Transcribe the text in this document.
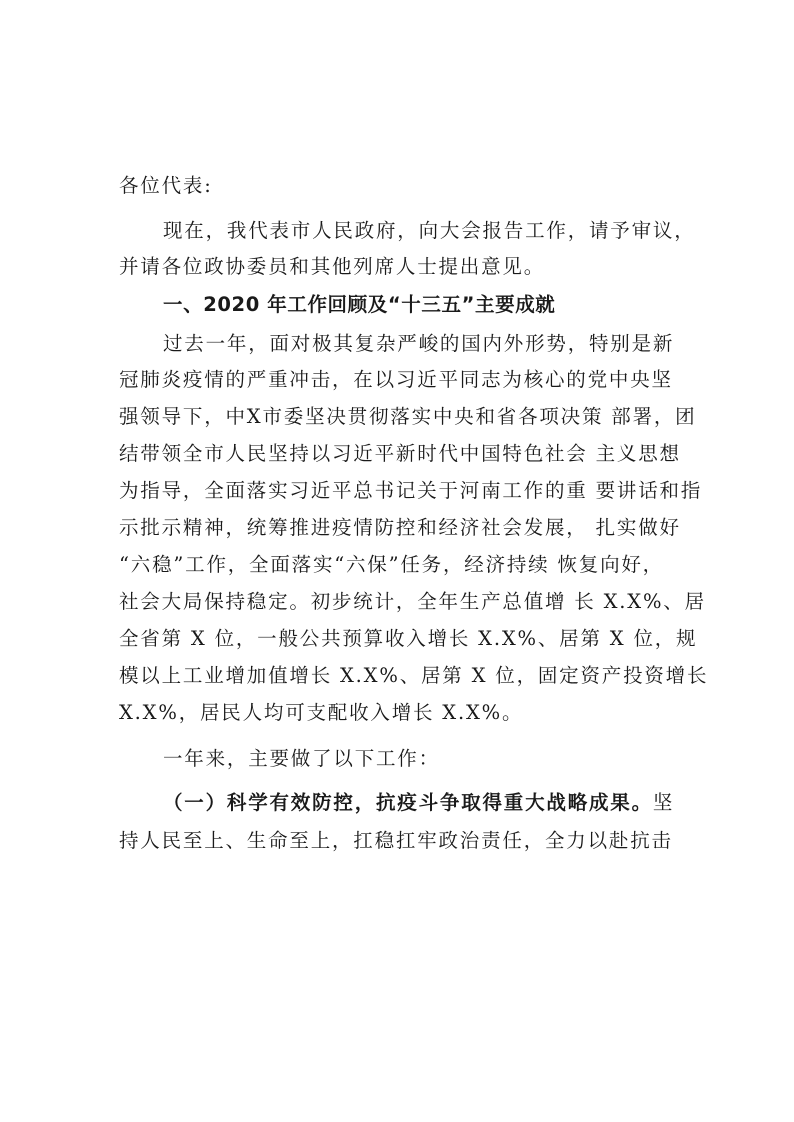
各位代表:
现在，我代表市人民政府，向大会报告工作，请予审议，
并请各位政协委员和其他列席人士提出意见。
一、2020 年工作回顾及“十三五”主要成就
过去一年，面对极其复杂严峻的国内外形势，特别是新
冠肺炎疫情的严重冲击，在以习近平同志为核心的党中央坚
强领导下，中X市委坚决贯彻落实中央和省各项决策 部署，团
结带领全市人民坚持以习近平新时代中国特色社会 主义思想
为指导，全面落实习近平总书记关于河南工作的重 要讲话和指
示批示精神，统筹推进疫情防控和经济社会发展， 扎实做好
“六稳”工作，全面落实“六保”任务，经济持续 恢复向好，
社会大局保持稳定。初步统计，全年生产总值增 长 X.X%、居
全省第 X 位，一般公共预算收入增长 X.X%、居第 X 位，规
模以上工业增加值增长 X.X%、居第 X 位，固定资产投资增长
X.X%，居民人均可支配收入增长 X.X%。
一年来，主要做了以下工作：
（一）科学有效防控，抗疫斗争取得重大战略成果。坚
持人民至上、生命至上，扛稳扛牢政治责任，全力以赴抗击
